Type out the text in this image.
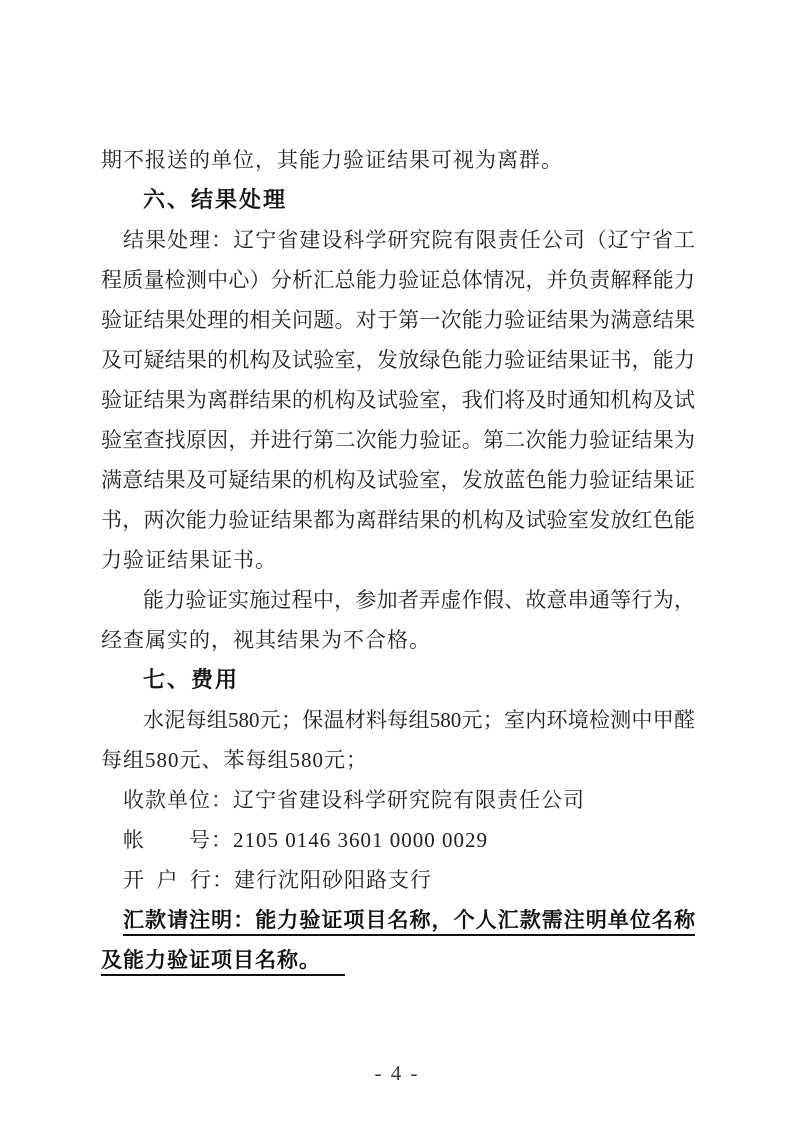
期不报送的单位，其能力验证结果可视为离群。
六、结果处理
结果处理：辽宁省建设科学研究院有限责任公司（辽宁省工
程质量检测中心）分析汇总能力验证总体情况，并负责解释能力
验证结果处理的相关问题。对于第一次能力验证结果为满意结果
及可疑结果的机构及试验室，发放绿色能力验证结果证书，能力
验证结果为离群结果的机构及试验室，我们将及时通知机构及试
验室查找原因，并进行第二次能力验证。第二次能力验证结果为
满意结果及可疑结果的机构及试验室，发放蓝色能力验证结果证
书，两次能力验证结果都为离群结果的机构及试验室发放红色能
力验证结果证书。
能力验证实施过程中，参加者弄虚作假、故意串通等行为，
经查属实的，视其结果为不合格。
七、费用
水泥每组580元；保温材料每组580元；室内环境检测中甲醛
每组580元、苯每组580元；
收款单位：辽宁省建设科学研究院有限责任公司
帐　　号：2105 0146 3601 0000 0029
开 户 行：建行沈阳砂阳路支行
汇款请注明：能力验证项目名称，个人汇款需注明单位名称
及能力验证项目名称。
- 4 -
